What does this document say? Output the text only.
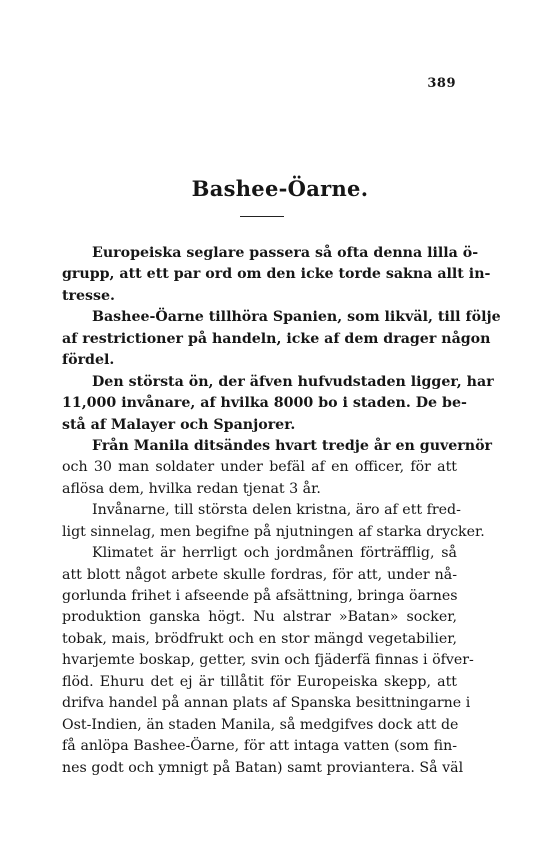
389
Bashee-Öarne.
Europeiska seglare passera så ofta denna lilla ö-
grupp, att ett par ord om den icke torde sakna allt in-
tresse.
Bashee-Öarne tillhöra Spanien, som likväl, till följe
af restrictioner på handeln, icke af dem drager någon
fördel.
Den största ön, der äfven hufvudstaden ligger, har
11,000 invånare, af hvilka 8000 bo i staden. De be-
stå af Malayer och Spanjorer.
Från Manila ditsändes hvart tredje år en guvernör
och 30 man soldater under befäl af en officer, för att
aflösa dem, hvilka redan tjenat 3 år.
Invånarne, till största delen kristna, äro af ett fred-
ligt sinnelag, men begifne på njutningen af starka drycker.
Klimatet är herrligt och jordmånen förträfflig, så
att blott något arbete skulle fordras, för att, under nå-
gorlunda frihet i afseende på afsättning, bringa öarnes
produktion ganska högt. Nu alstrar »Batan» socker,
tobak, mais, brödfrukt och en stor mängd vegetabilier,
hvarjemte boskap, getter, svin och fjäderfä finnas i öfver-
flöd. Ehuru det ej är tillåtit för Europeiska skepp, att
drifva handel på annan plats af Spanska besittningarne i
Ost-Indien, än staden Manila, så medgifves dock att de
få anlöpa Bashee-Öarne, för att intaga vatten (som fin-
nes godt och ymnigt på Batan) samt proviantera. Så väl
